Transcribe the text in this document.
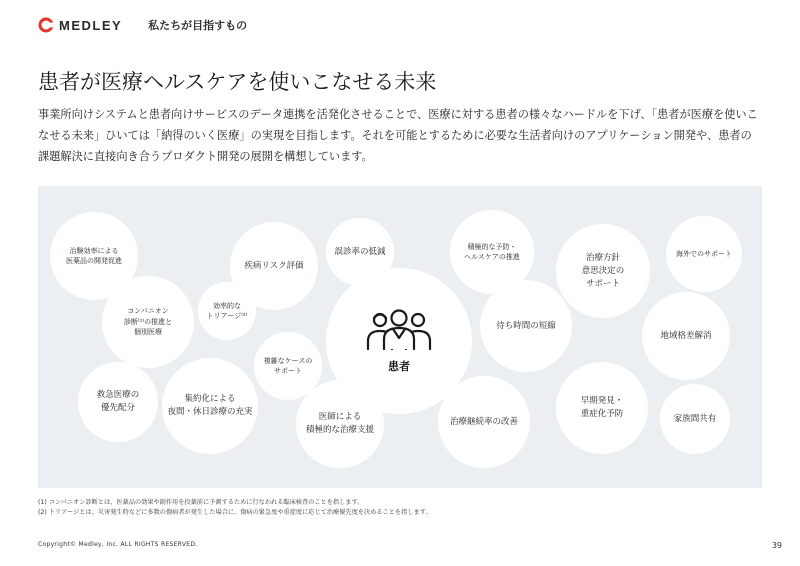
MEDLEY 私たちが目指すもの
患者が医療ヘルスケアを使いこなせる未来

事業所向けシステムと患者向けサービスのデータ連携を活発化させることで、医療に対する患者の様々なハードルを下げ、「患者が医療を使いこなせる未来」ひいては「納得のいく医療」の実現を目指します。それを可能とするために必要な生活者向けのアプリケーション開発や、患者の課題解決に直接向き合うプロダクト開発の展開を構想しています。

治験効率による
医薬品の開発促進
コンパニオン
診断⁽¹⁾の推進と
個別医療
効率的な
トリアージ⁽²⁾
疾病リスク評価
誤診率の低減	積極的な予防・
ヘルスケアの推進	治療方針
意思決定の
サポート
海外でのサポート
複雑なケースの
サポート
待ち時間の短縮
地域格差解消
救急医療の
優先配分
集約化による
夜間・休日診療の充実	医師による
積極的な治療支援
治療継続率の改善
早期発見・
重症化予防	家族間共有
患者
(1) コンパニオン診断とは、医薬品の効果や副作用を投薬前に予測するために行なわれる臨床検査のことを指します。
(2) トリアージとは、災害発生時などに多数の傷病者が発生した場合に、傷病の緊急度や重症度に応じて治療優先度を決めることを指します。
Copyright© Medley, Inc. ALL RIGHTS RESERVED.	39
